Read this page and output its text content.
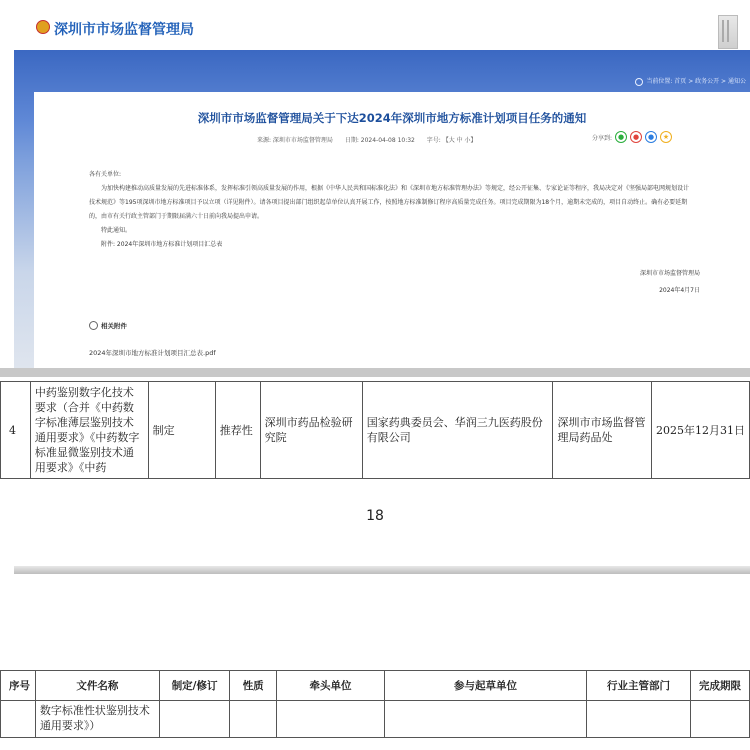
深圳市市场监督管理局
当前位置: 首页 > 政务公开 > 通知公
深圳市市场监督管理局关于下达2024年深圳市地方标准计划项目任务的通知
来源: 深圳市市场监督管理局 日期: 2024-04-08 10:32 字号: 【大 中 小】	分享到: ●	●	●	★

各有关单位:

为加快构建推动高质量发展的先进标准体系，发挥标准引领高质量发展的作用，根据《中华人民共和国标准化法》和《深圳市地方标准管理办法》等规定，经公开征集、专家论证等程序，我局决定对《坚强局部电网规划设计技术规范》等195项深圳市地方标准项目予以立项（详见附件）。请各项目提出部门组织起草单位认真开展工作，按照地方标准制修订程序高质量完成任务。项目完成期限为18个月，逾期未完成的，项目自动终止。确有必要延期的，由市有关行政主管部门于期限届满六十日前向我局提出申请。

特此通知。

附件: 2024年深圳市地方标准计划项目汇总表

深圳市市场监督管理局
2024年4月7日
相关附件
2024年深圳市地方标准计划项目汇总表.pdf
4	中药鉴别数字化技术要求（合并《中药数字标准薄层鉴别技术通用要求》《中药数字标准显微鉴别技术通用要求》《中药	制定	推荐性	深圳市药品检验研究院	国家药典委员会、华润三九医药股份有限公司	深圳市市场监督管理局药品处	2025年12月31日
18
序号	文件名称	制定/修订	性质	牵头单位	参与起草单位	行业主管部门	完成期限
	数字标准性状鉴别技术通用要求》）						
